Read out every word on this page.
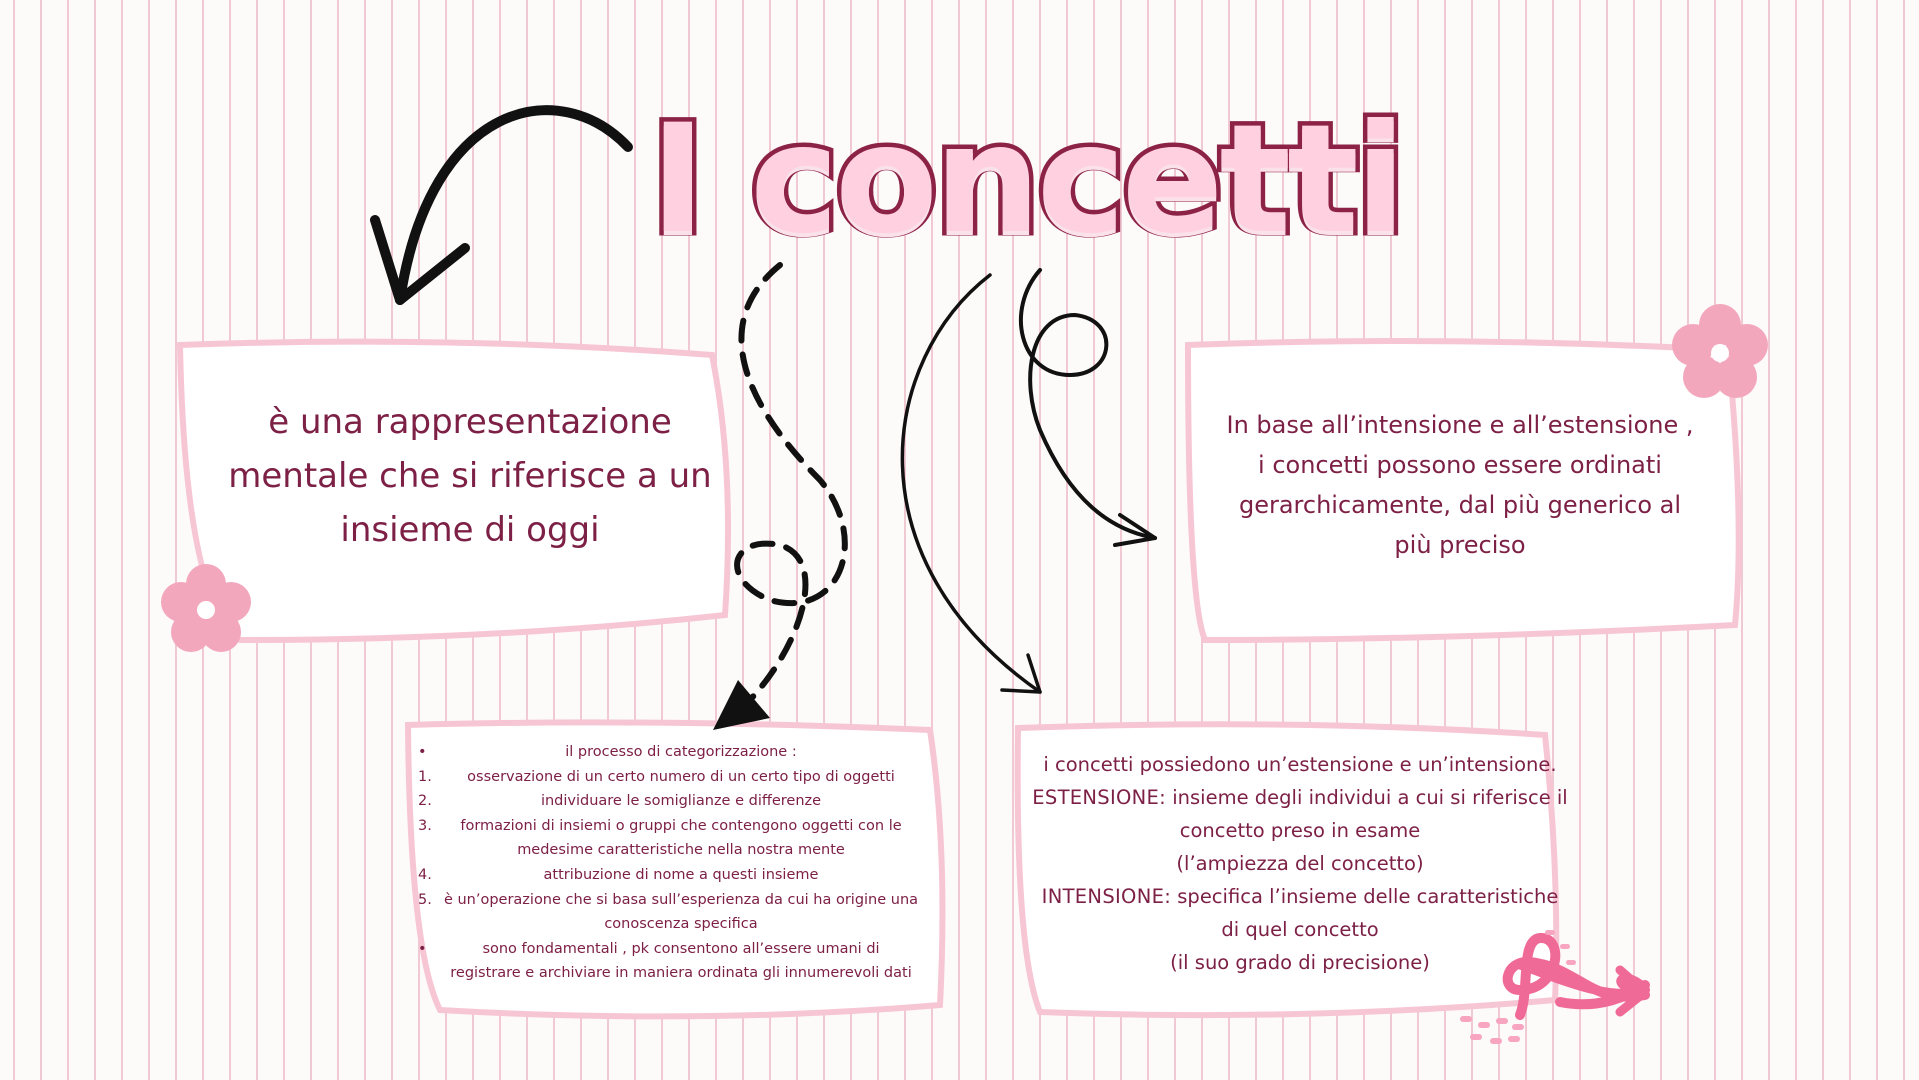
I concetti
è una rappresentazione
mentale che si riferisce a un
insieme di oggi
In base all’intensione e all’estensione ,
i concetti possono essere ordinati
gerarchicamente, dal più generico al
più preciso
•	il processo di categorizzazione :
1.	osservazione di un certo numero di un certo tipo di oggetti
2.	individuare le somiglianze e differenze
3.	formazioni di insiemi o gruppi che contengono oggetti con le
medesime caratteristiche nella nostra mente
4.	attribuzione di nome a questi insieme
5. è un’operazione che si basa sull’esperienza da cui ha origine una
conoscenza specifica
•	sono fondamentali , pk consentono all’essere umani di
registrare e archiviare in maniera ordinata gli innumerevoli dati
i concetti possiedono un’estensione e un’intensione.
ESTENSIONE: insieme degli individui a cui si riferisce il
concetto preso in esame
(l’ampiezza del concetto)
INTENSIONE: specifica l’insieme delle caratteristiche
di quel concetto
(il suo grado di precisione)
